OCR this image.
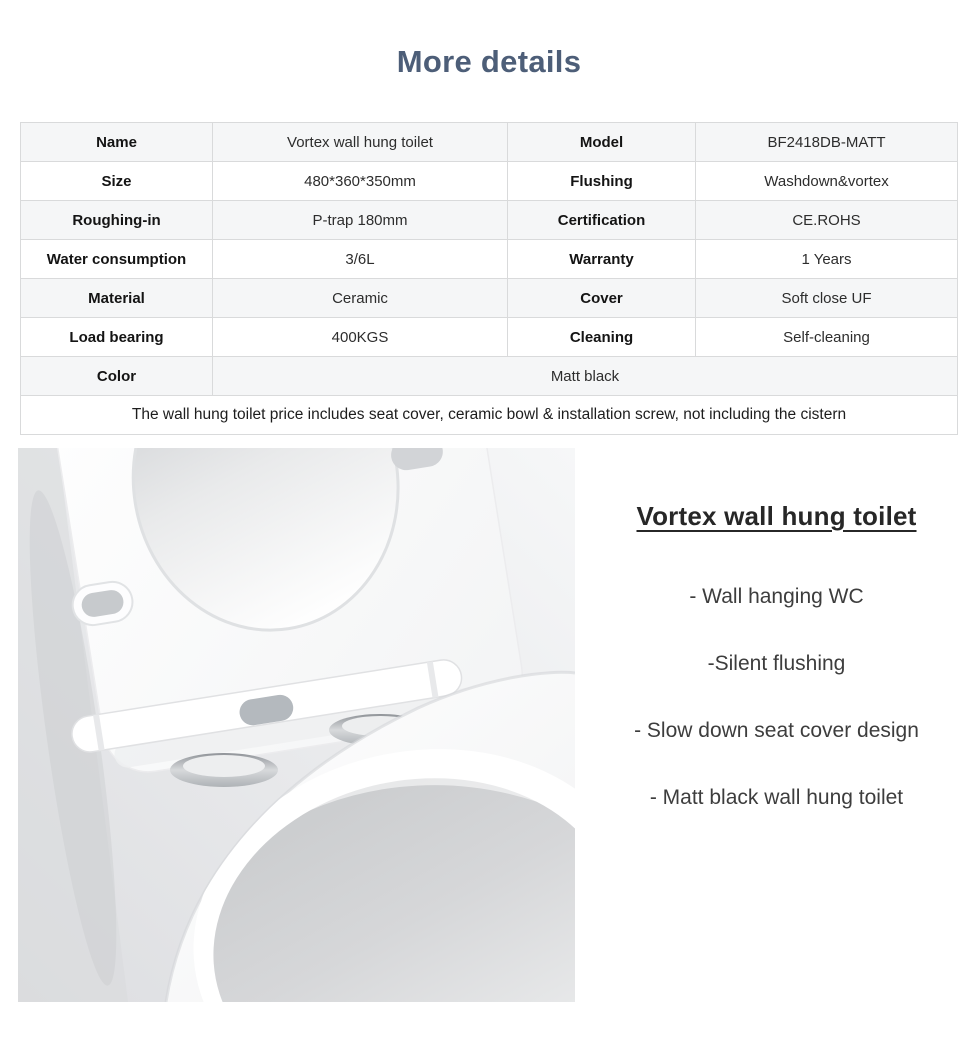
More details
Name	Vortex wall hung toilet	Model	BF2418DB-MATT
Size	480*360*350mm	Flushing	Washdown&vortex
Roughing-in	P-trap 180mm	Certification	CE.ROHS
Water consumption	3/6L	Warranty	1 Years
Material	Ceramic	Cover	Soft close UF
Load bearing	400KGS	Cleaning	Self-cleaning
Color	Matt black		
The wall hung toilet price includes seat cover, ceramic bowl & installation screw, not including the cistern			
Vortex wall hung toilet

- Wall hanging WC

-Silent flushing

- Slow down seat cover design

- Matt black wall hung toilet
